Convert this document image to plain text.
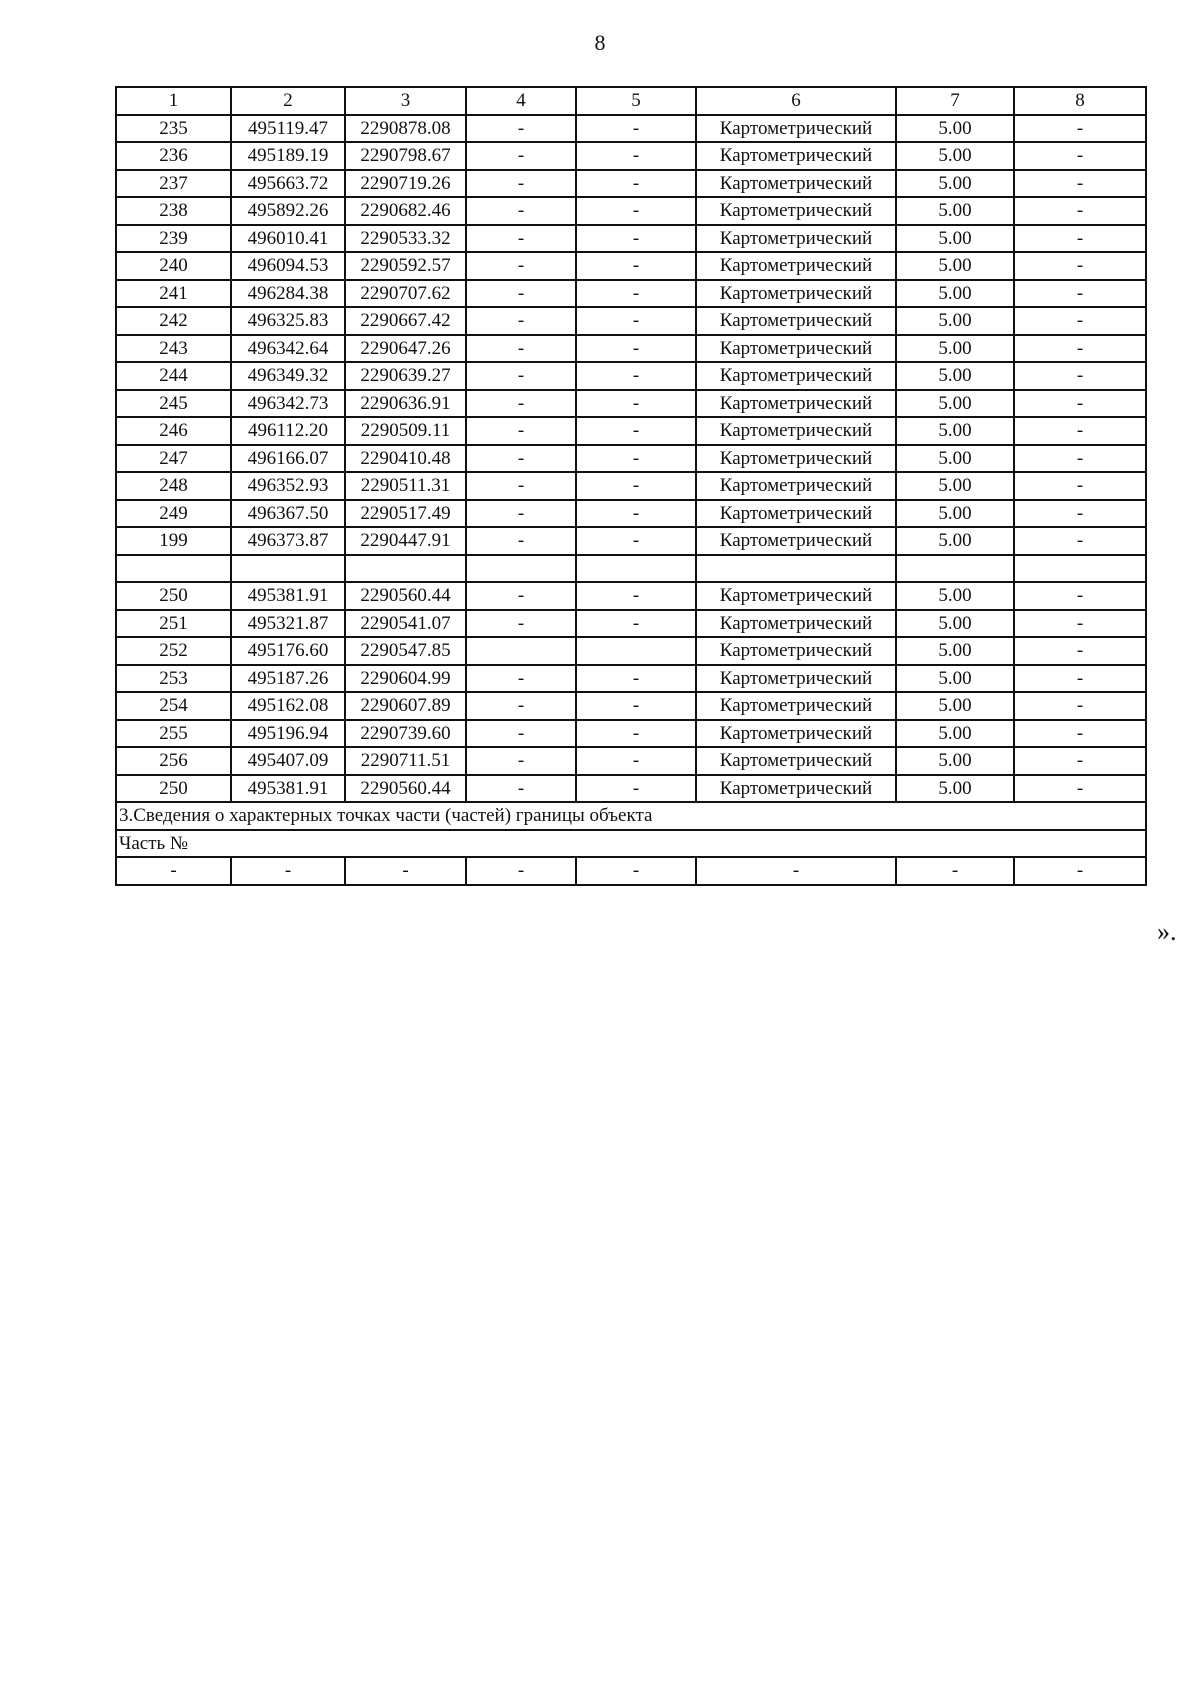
8
1	2	3	4	5	6	7	8
235	495119.47	2290878.08	-	-	Картометрический	5.00	-
236	495189.19	2290798.67	-	-	Картометрический	5.00	-
237	495663.72	2290719.26	-	-	Картометрический	5.00	-
238	495892.26	2290682.46	-	-	Картометрический	5.00	-
239	496010.41	2290533.32	-	-	Картометрический	5.00	-
240	496094.53	2290592.57	-	-	Картометрический	5.00	-
241	496284.38	2290707.62	-	-	Картометрический	5.00	-
242	496325.83	2290667.42	-	-	Картометрический	5.00	-
243	496342.64	2290647.26	-	-	Картометрический	5.00	-
244	496349.32	2290639.27	-	-	Картометрический	5.00	-
245	496342.73	2290636.91	-	-	Картометрический	5.00	-
246	496112.20	2290509.11	-	-	Картометрический	5.00	-
247	496166.07	2290410.48	-	-	Картометрический	5.00	-
248	496352.93	2290511.31	-	-	Картометрический	5.00	-
249	496367.50	2290517.49	-	-	Картометрический	5.00	-
199	496373.87	2290447.91	-	-	Картометрический	5.00	-

250	495381.91	2290560.44	-	-	Картометрический	5.00	-
251	495321.87	2290541.07	-	-	Картометрический	5.00	-
252	495176.60	2290547.85			Картометрический	5.00	-
253	495187.26	2290604.99	-	-	Картометрический	5.00	-
254	495162.08	2290607.89	-	-	Картометрический	5.00	-
255	495196.94	2290739.60	-	-	Картометрический	5.00	-
256	495407.09	2290711.51	-	-	Картометрический	5.00	-
250	495381.91	2290560.44	-	-	Картометрический	5.00	-
3.Сведения о характерных точках части (частей) границы объекта							
Часть №							
-	-	-	-	-	-	-	-
».
